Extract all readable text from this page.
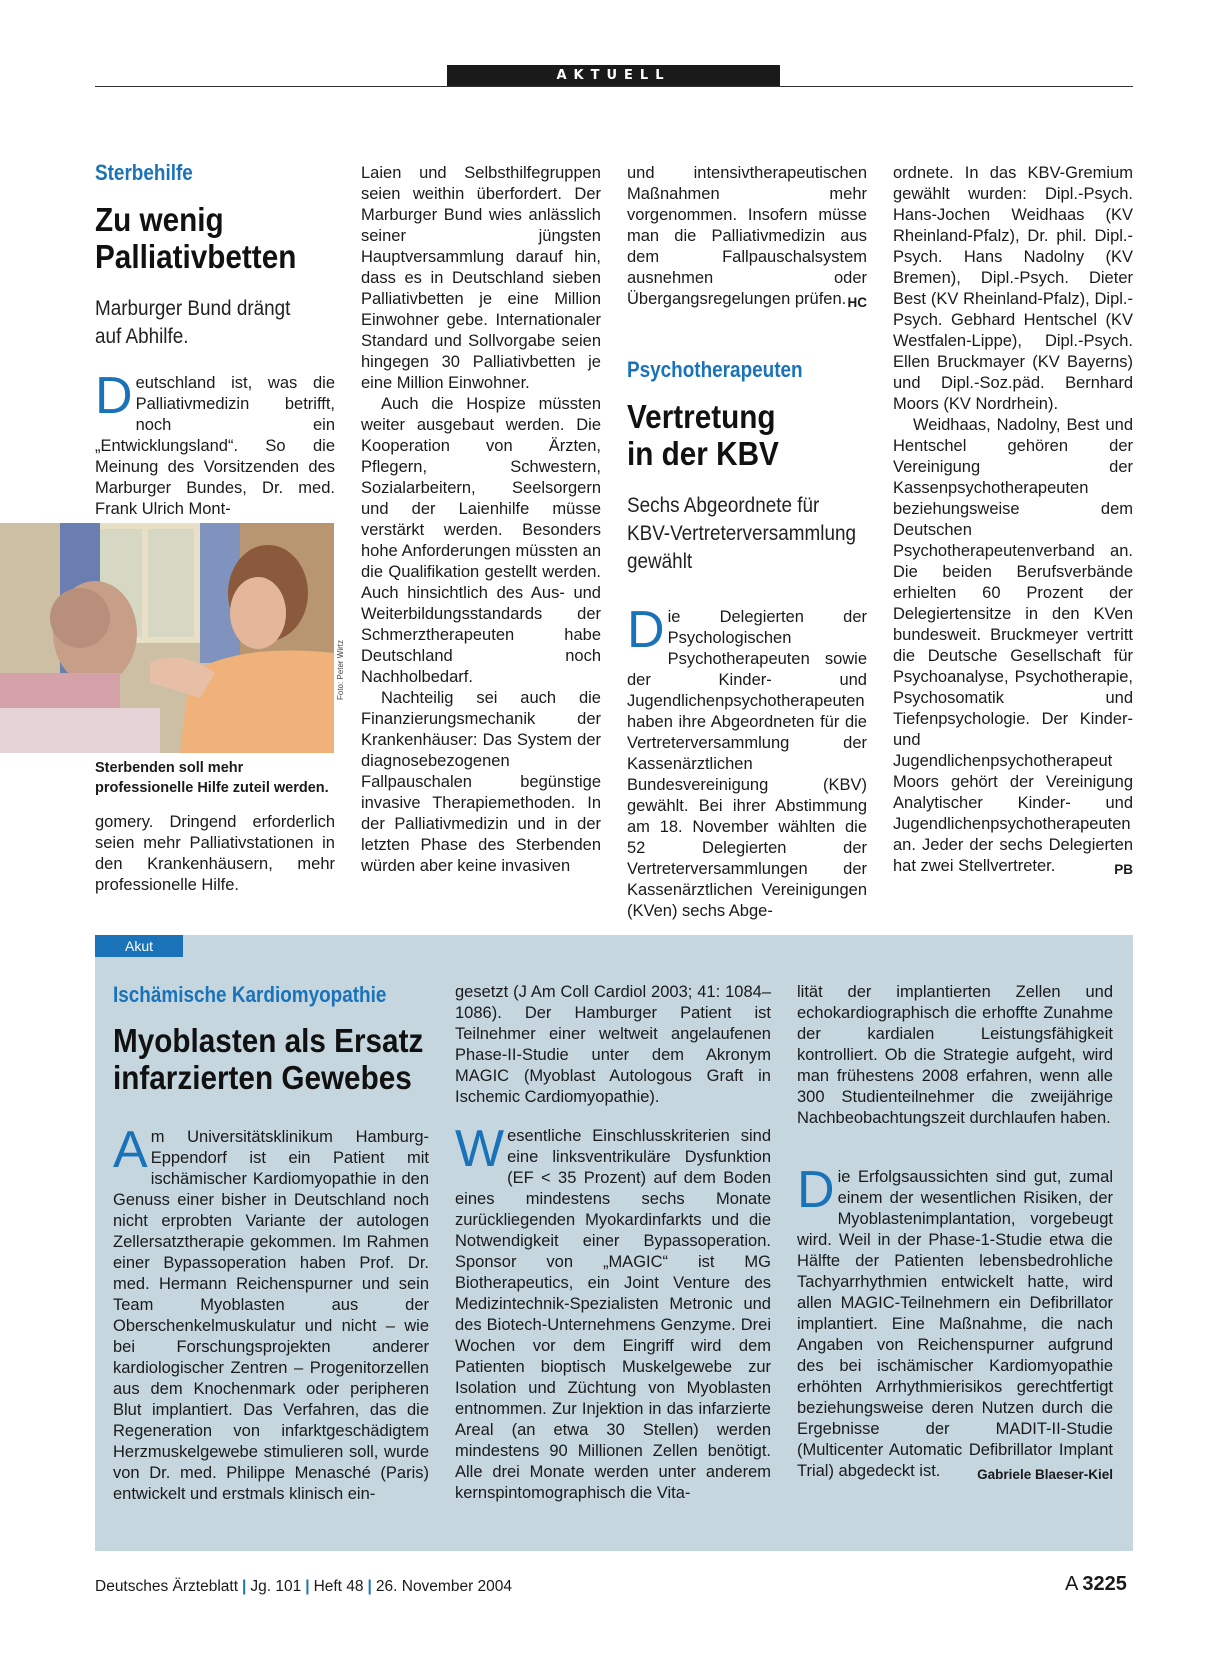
AKTUELL
Sterbehilfe
Zu wenig
Palliativbetten
Marburger Bund drängt
auf Abhilfe.

Deutschland ist, was die Palliativmedizin betrifft, noch ein „Entwicklungsland“. So die Meinung des Vorsitzenden des Marburger Bundes, Dr. med. Frank Ulrich Mont-

Foto: Peter Wirtz
Sterbenden soll mehr professionelle Hilfe zuteil werden.

gomery. Dringend erforderlich seien mehr Palliativstationen in den Krankenhäusern, mehr professionelle Hilfe.

Laien und Selbsthilfegruppen seien weithin überfordert. Der Marburger Bund wies anlässlich seiner jüngsten Hauptversammlung darauf hin, dass es in Deutschland sieben Palliativbetten je eine Million Einwohner gebe. Internationaler Standard und Sollvorgabe seien hingegen 30 Palliativbetten je eine Million Einwohner.

Auch die Hospize müssten weiter ausgebaut werden. Die Kooperation von Ärzten, Pflegern, Schwestern, Sozialarbeitern, Seelsorgern und der Laienhilfe müsse verstärkt werden. Besonders hohe Anforderungen müssten an die Qualifikation gestellt werden. Auch hinsichtlich des Aus- und Weiterbildungsstandards der Schmerztherapeuten habe Deutschland noch Nachholbedarf.

Nachteilig sei auch die Finanzierungsmechanik der Krankenhäuser: Das System der diagnosebezogenen Fallpauschalen begünstige invasive Therapiemethoden. In der Palliativmedizin und in der letzten Phase des Sterbenden würden aber keine invasiven

und intensivtherapeutischen Maßnahmen mehr vorgenommen. Insofern müsse man die Palliativmedizin aus dem Fallpauschalsystem ausnehmen oder Übergangsregelungen prüfen. HC

Psychotherapeuten
Vertretung
in der KBV
Sechs Abgeordnete für
KBV-Vertreterversammlung
gewählt

Die Delegierten der Psychologischen Psychotherapeuten sowie der Kinder- und Jugendlichenpsychotherapeuten haben ihre Abgeordneten für die Vertreterversammlung der Kassenärztlichen Bundesvereinigung (KBV) gewählt. Bei ihrer Abstimmung am 18. November wählten die 52 Delegierten der Vertreterversammlungen der Kassenärztlichen Vereinigungen (KVen) sechs Abge-

ordnete. In das KBV-Gremium gewählt wurden: Dipl.-Psych. Hans-Jochen Weidhaas (KV Rheinland-Pfalz), Dr. phil. Dipl.-Psych. Hans Nadolny (KV Bremen), Dipl.-Psych. Dieter Best (KV Rheinland-Pfalz), Dipl.-Psych. Gebhard Hentschel (KV Westfalen-Lippe), Dipl.-Psych. Ellen Bruckmayer (KV Bayerns) und Dipl.-Soz.päd. Bernhard Moors (KV Nordrhein).

Weidhaas, Nadolny, Best und Hentschel gehören der Vereinigung der Kassenpsychotherapeuten beziehungsweise dem Deutschen Psychotherapeutenverband an. Die beiden Berufsverbände erhielten 60 Prozent der Delegiertensitze in den KVen bundesweit. Bruckmeyer vertritt die Deutsche Gesellschaft für Psychoanalyse, Psychotherapie, Psychosomatik und Tiefenpsychologie. Der Kinder- und Jugendlichenpsychotherapeut Moors gehört der Vereinigung Analytischer Kinder- und Jugendlichenpsychotherapeuten an. Jeder der sechs Delegierten hat zwei Stellvertreter.	PB

Akut
Ischämische Kardiomyopathie
Myoblasten als Ersatz
infarzierten Gewebes

Am Universitätsklinikum Hamburg-Eppendorf ist ein Patient mit ischämischer Kardiomyopathie in den Genuss einer bisher in Deutschland noch nicht erprobten Variante der autologen Zellersatztherapie gekommen. Im Rahmen einer Bypassoperation haben Prof. Dr. med. Hermann Reichenspurner und sein Team Myoblasten aus der Oberschenkelmuskulatur und nicht – wie bei Forschungsprojekten anderer kardiologischer Zentren – Progenitorzellen aus dem Knochenmark oder peripheren Blut implantiert. Das Verfahren, das die Regeneration von infarktgeschädigtem Herzmuskelgewebe stimulieren soll, wurde von Dr. med. Philippe Menasché (Paris) entwickelt und erstmals klinisch ein-

gesetzt (J Am Coll Cardiol 2003; 41: 1084–1086). Der Hamburger Patient ist Teilnehmer einer weltweit angelaufenen Phase-II-Studie unter dem Akronym MAGIC (Myoblast Autologous Graft in Ischemic Cardiomyopathie).

Wesentliche Einschlusskriterien sind eine linksventrikuläre Dysfunktion (EF < 35 Prozent) auf dem Boden eines mindestens sechs Monate zurückliegenden Myokardinfarkts und die Notwendigkeit einer Bypassoperation. Sponsor von „MAGIC“ ist MG Biotherapeutics, ein Joint Venture des Medizintechnik-Spezialisten Metronic und des Biotech-Unternehmens Genzyme. Drei Wochen vor dem Eingriff wird dem Patienten bioptisch Muskelgewebe zur Isolation und Züchtung von Myoblasten entnommen. Zur Injektion in das infarzierte Areal (an etwa 30 Stellen) werden mindestens 90 Millionen Zellen benötigt. Alle drei Monate werden unter anderem kernspintomographisch die Vita-

lität der implantierten Zellen und echokardiographisch die erhoffte Zunahme der kardialen Leistungsfähigkeit kontrolliert. Ob die Strategie aufgeht, wird man frühestens 2008 erfahren, wenn alle 300 Studienteilnehmer die zweijährige Nachbeobachtungszeit durchlaufen haben.

Die Erfolgsaussichten sind gut, zumal einem der wesentlichen Risiken, der Myoblastenimplantation, vorgebeugt wird. Weil in der Phase-1-Studie etwa die Hälfte der Patienten lebensbedrohliche Tachyarrhythmien entwickelt hatte, wird allen MAGIC-Teilnehmern ein Defibrillator implantiert. Eine Maßnahme, die nach Angaben von Reichenspurner aufgrund des bei ischämischer Kardiomyopathie erhöhten Arrhythmierisikos gerechtfertigt beziehungsweise deren Nutzen durch die Ergebnisse der MADIT-II-Studie (Multicenter Automatic Defibrillator Implant Trial) abgedeckt ist.	Gabriele Blaeser-Kiel

Deutsches Ärzteblatt | Jg. 101 | Heft 48 | 26. November 2004	A  3225
